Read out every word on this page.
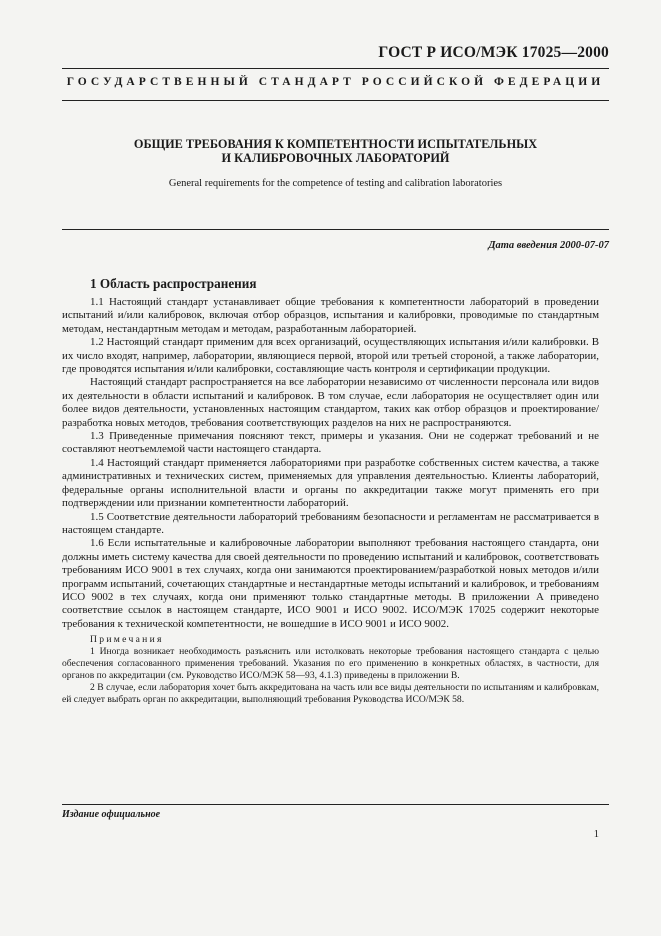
ГОСТ Р ИСО/МЭК 17025—2000
ГОСУДАРСТВЕННЫЙ СТАНДАРТ РОССИЙСКОЙ ФЕДЕРАЦИИ
ОБЩИЕ ТРЕБОВАНИЯ К КОМПЕТЕНТНОСТИ ИСПЫТАТЕЛЬНЫХ
И КАЛИБРОВОЧНЫХ ЛАБОРАТОРИЙ
General requirements for the competence of testing and calibration laboratories
Дата введения 2000-07-07
1 Область распространения

1.1 Настоящий стандарт устанавливает общие требования к компетентности лабораторий в проведении испытаний и/или калибровок, включая отбор образцов, испытания и калибровки, проводимые по стандартным методам, нестандартным методам и методам, разработанным лабораторией.

1.2 Настоящий стандарт применим для всех организаций, осуществляющих испытания и/или калибровки. В их число входят, например, лаборатории, являющиеся первой, второй или третьей стороной, а также лаборатории, где проводятся испытания и/или калибровки, составляющие часть контроля и сертификации продукции.

Настоящий стандарт распространяется на все лаборатории независимо от численности персонала или видов их деятельности в области испытаний и калибровок. В том случае, если лаборатория не осуществляет один или более видов деятельности, установленных настоящим стандартом, таких как отбор образцов и проектирование/разработка новых методов, требования соответствующих разделов на них не распространяются.

1.3 Приведенные примечания поясняют текст, примеры и указания. Они не содержат требований и не составляют неотъемлемой части настоящего стандарта.

1.4 Настоящий стандарт применяется лабораториями при разработке собственных систем качества, а также административных и технических систем, применяемых для управления деятельностью. Клиенты лабораторий, федеральные органы исполнительной власти и органы по аккредитации также могут применять его при подтверждении или признании компетентности лабораторий.

1.5 Соответствие деятельности лабораторий требованиям безопасности и регламентам не рассматривается в настоящем стандарте.

1.6 Если испытательные и калибровочные лаборатории выполняют требования настоящего стандарта, они должны иметь систему качества для своей деятельности по проведению испытаний и калибровок, соответствовать требованиям ИСО 9001 в тех случаях, когда они занимаются проектированием/разработкой новых методов и/или программ испытаний, сочетающих стандартные и нестандартные методы испытаний и калибровок, и требованиям ИСО 9002 в тех случаях, когда они применяют только стандартные методы. В приложении А приведено соответствие ссылок в настоящем стандарте, ИСО 9001 и ИСО 9002. ИСО/МЭК 17025 содержит некоторые требования к технической компетентности, не вошедшие в ИСО 9001 и ИСО 9002.

Примечания

1 Иногда возникает необходимость разъяснить или истолковать некоторые требования настоящего стандарта с целью обеспечения согласованного применения требований. Указания по его применению в конкретных областях, в частности, для органов по аккредитации (см. Руководство ИСО/МЭК 58—93, 4.1.3) приведены в приложении В.

2 В случае, если лаборатория хочет быть аккредитована на часть или все виды деятельности по испытаниям и калибровкам, ей следует выбрать орган по аккредитации, выполняющий требования Руководства ИСО/МЭК 58.

Издание официальное
1
